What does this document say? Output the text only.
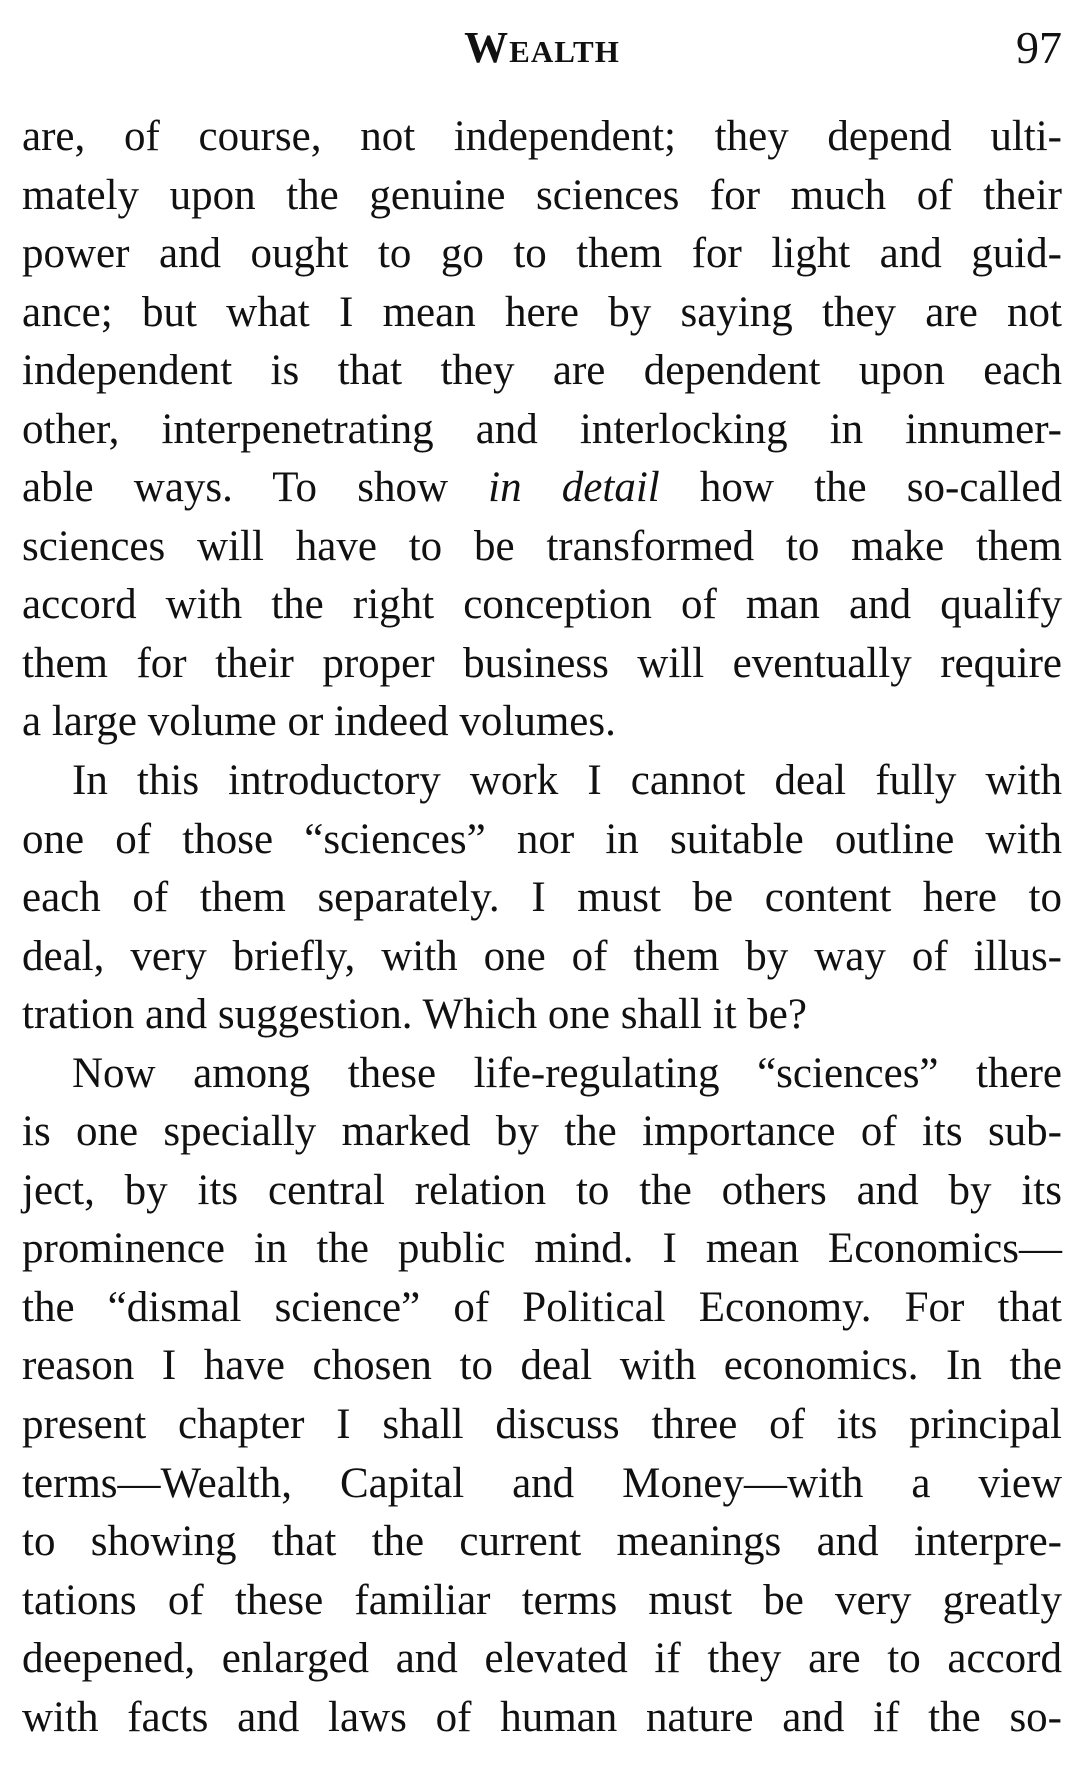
Wealth	97
are, of course, not independent; they depend ulti-
mately upon the genuine sciences for much of their
power and ought to go to them for light and guid-
ance; but what I mean here by saying they are not
independent is that they are dependent upon each
other, interpenetrating and interlocking in innumer-
able ways. To show in detail how the so-called
sciences will have to be transformed to make them
accord with the right conception of man and qualify
them for their proper business will eventually require
a large volume or indeed volumes.
In this introductory work I cannot deal fully with
one of those “sciences” nor in suitable outline with
each of them separately. I must be content here to
deal, very briefly, with one of them by way of illus-
tration and suggestion. Which one shall it be?
Now among these life-regulating “sciences” there
is one specially marked by the importance of its sub-
ject, by its central relation to the others and by its
prominence in the public mind. I mean Economics—
the “dismal science” of Political Economy. For that
reason I have chosen to deal with economics. In the
present chapter I shall discuss three of its principal
terms—Wealth, Capital and Money—with a view
to showing that the current meanings and interpre-
tations of these familiar terms must be very greatly
deepened, enlarged and elevated if they are to accord
with facts and laws of human nature and if the so-
